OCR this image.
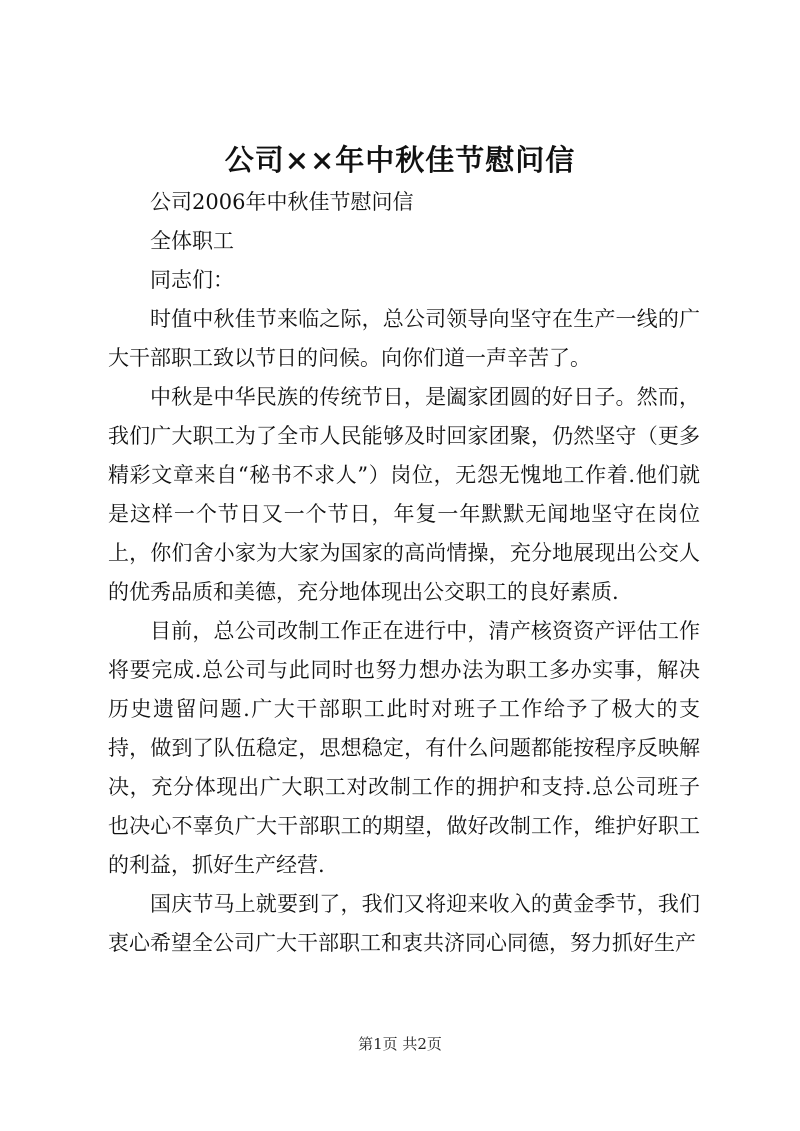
公司××年中秋佳节慰问信

公司2006年中秋佳节慰问信

全体职工

同志们：

时值中秋佳节来临之际，总公司领导向坚守在生产一线的广大干部职工致以节日的问候。向你们道一声辛苦了。

中秋是中华民族的传统节日，是阖家团圆的好日子。然而，我们广大职工为了全市人民能够及时回家团聚，仍然坚守（更多精彩文章来自“秘书不求人”）岗位，无怨无愧地工作着.他们就是这样一个节日又一个节日，年复一年默默无闻地坚守在岗位上，你们舍小家为大家为国家的高尚情操，充分地展现出公交人的优秀品质和美德，充分地体现出公交职工的良好素质.

目前，总公司改制工作正在进行中，清产核资资产评估工作将要完成.总公司与此同时也努力想办法为职工多办实事，解决历史遗留问题.广大干部职工此时对班子工作给予了极大的支持，做到了队伍稳定，思想稳定，有什么问题都能按程序反映解决，充分体现出广大职工对改制工作的拥护和支持.总公司班子也决心不辜负广大干部职工的期望，做好改制工作，维护好职工的利益，抓好生产经营.

国庆节马上就要到了，我们又将迎来收入的黄金季节，我们衷心希望全公司广大干部职工和衷共济同心同德，努力抓好生产

第1页 共2页
